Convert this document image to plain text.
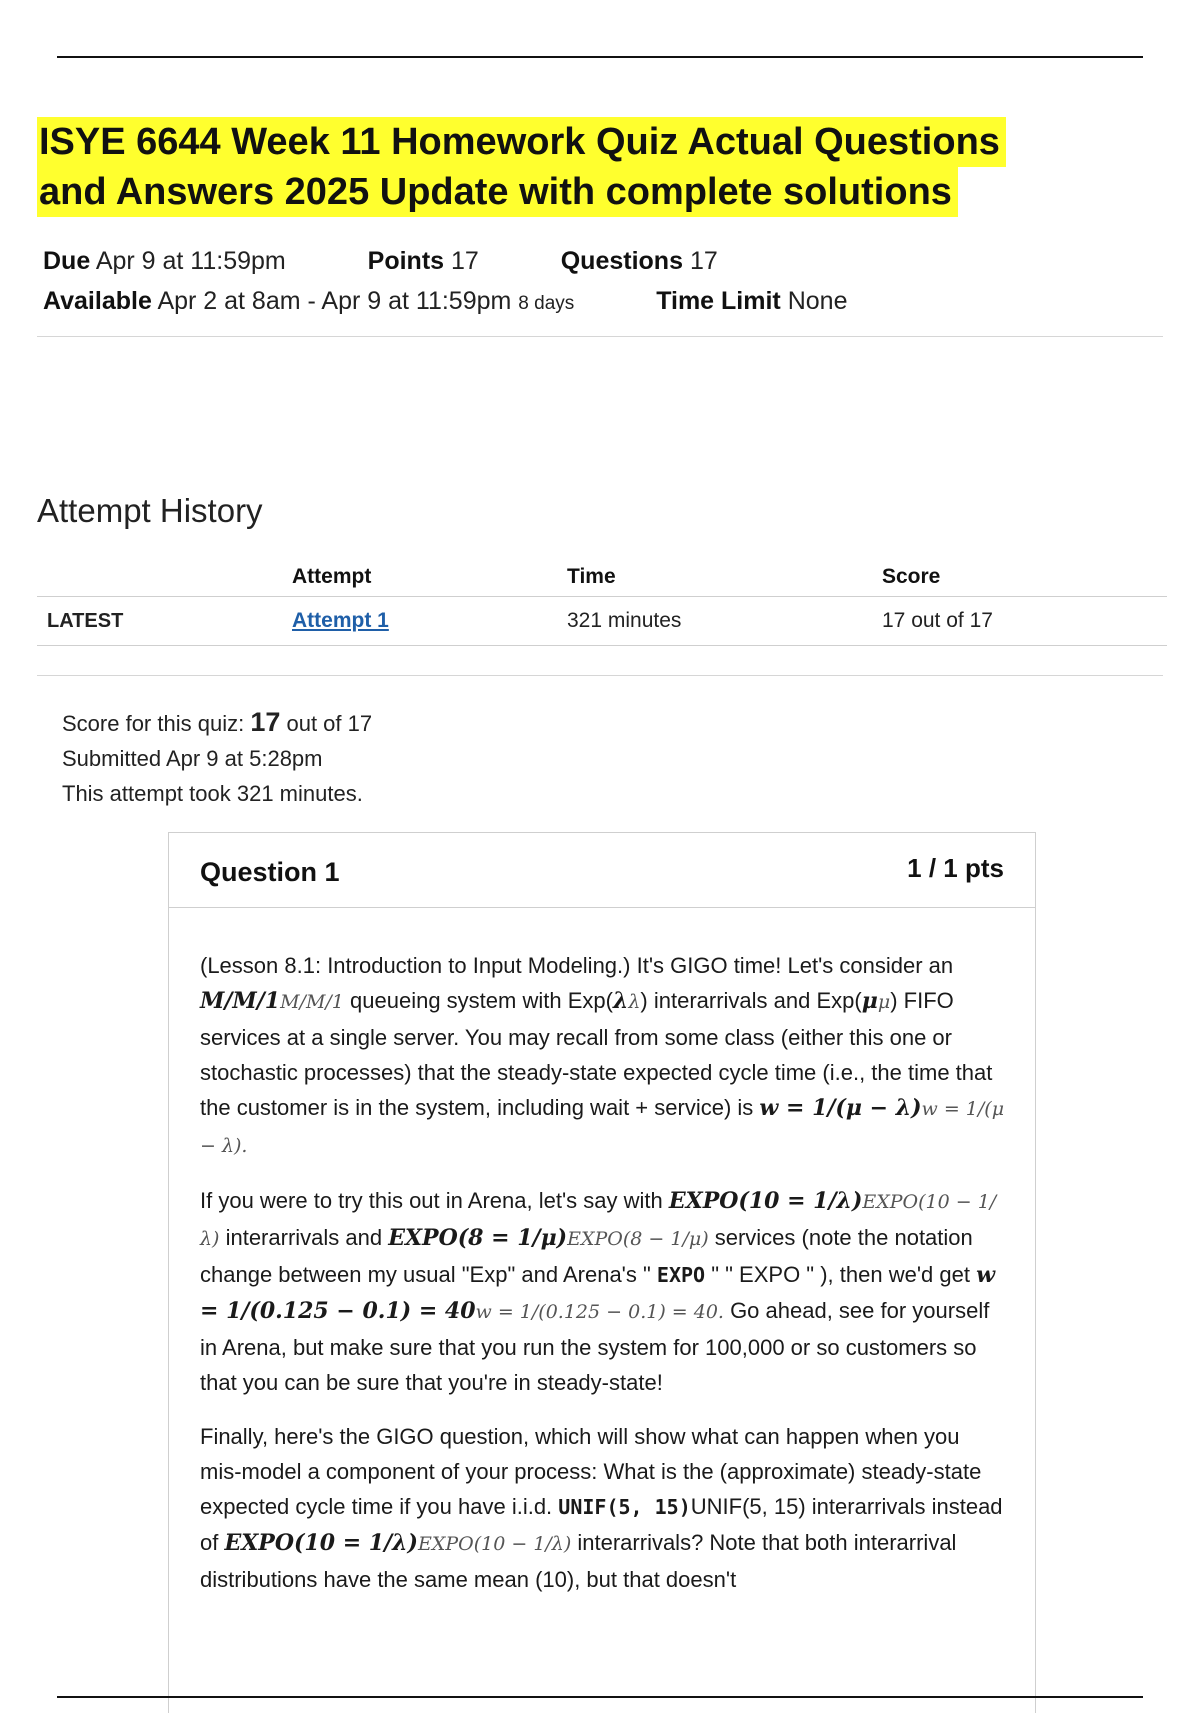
ISYE 6644 Week 11 Homework Quiz Actual Questions
and Answers 2025 Update with complete solutions
Due Apr 9 at 11:59pm	Points 17	Questions 17
Available Apr 2 at 8am - Apr 9 at 11:59pm 8 days	Time Limit None
Attempt History
	Attempt	Time	Score
LATEST	Attempt 1	321 minutes	17 out of 17
Score for this quiz: 17 out of 17
Submitted Apr 9 at 5:28pm
This attempt took 321 minutes.
Question 1	1 / 1 pts

(Lesson 8.1: Introduction to Input Modeling.) It's GIGO time! Let's consider an M/M/1M/M/1 queueing system with Exp(λλ) interarrivals and Exp(μμ) FIFO services at a single server. You may recall from some class (either this one or stochastic processes) that the steady-state expected cycle time (i.e., the time that the customer is in the system, including wait + service) is w = 1/(μ − λ)w = 1/(μ − λ).

If you were to try this out in Arena, let's say with EXPO(10 = 1/λ)EXPO(10 − 1/λ) interarrivals and EXPO(8 = 1/μ)EXPO(8 − 1/μ) services (note the notation change between my usual "Exp" and Arena's " EXPO " " EXPO " ), then we'd get w = 1/(0.125 − 0.1) = 40w = 1/(0.125 − 0.1) = 40. Go ahead, see for yourself in Arena, but make sure that you run the system for 100,000 or so customers so that you can be sure that you're in steady-state!

Finally, here's the GIGO question, which will show what can happen when you mis-model a component of your process: What is the (approximate) steady-state expected cycle time if you have i.i.d. UNIF(5, 15)UNIF(5, 15) interarrivals instead of EXPO(10 = 1/λ)EXPO(10 − 1/λ) interarrivals? Note that both interarrival distributions have the same mean (10), but that doesn't
